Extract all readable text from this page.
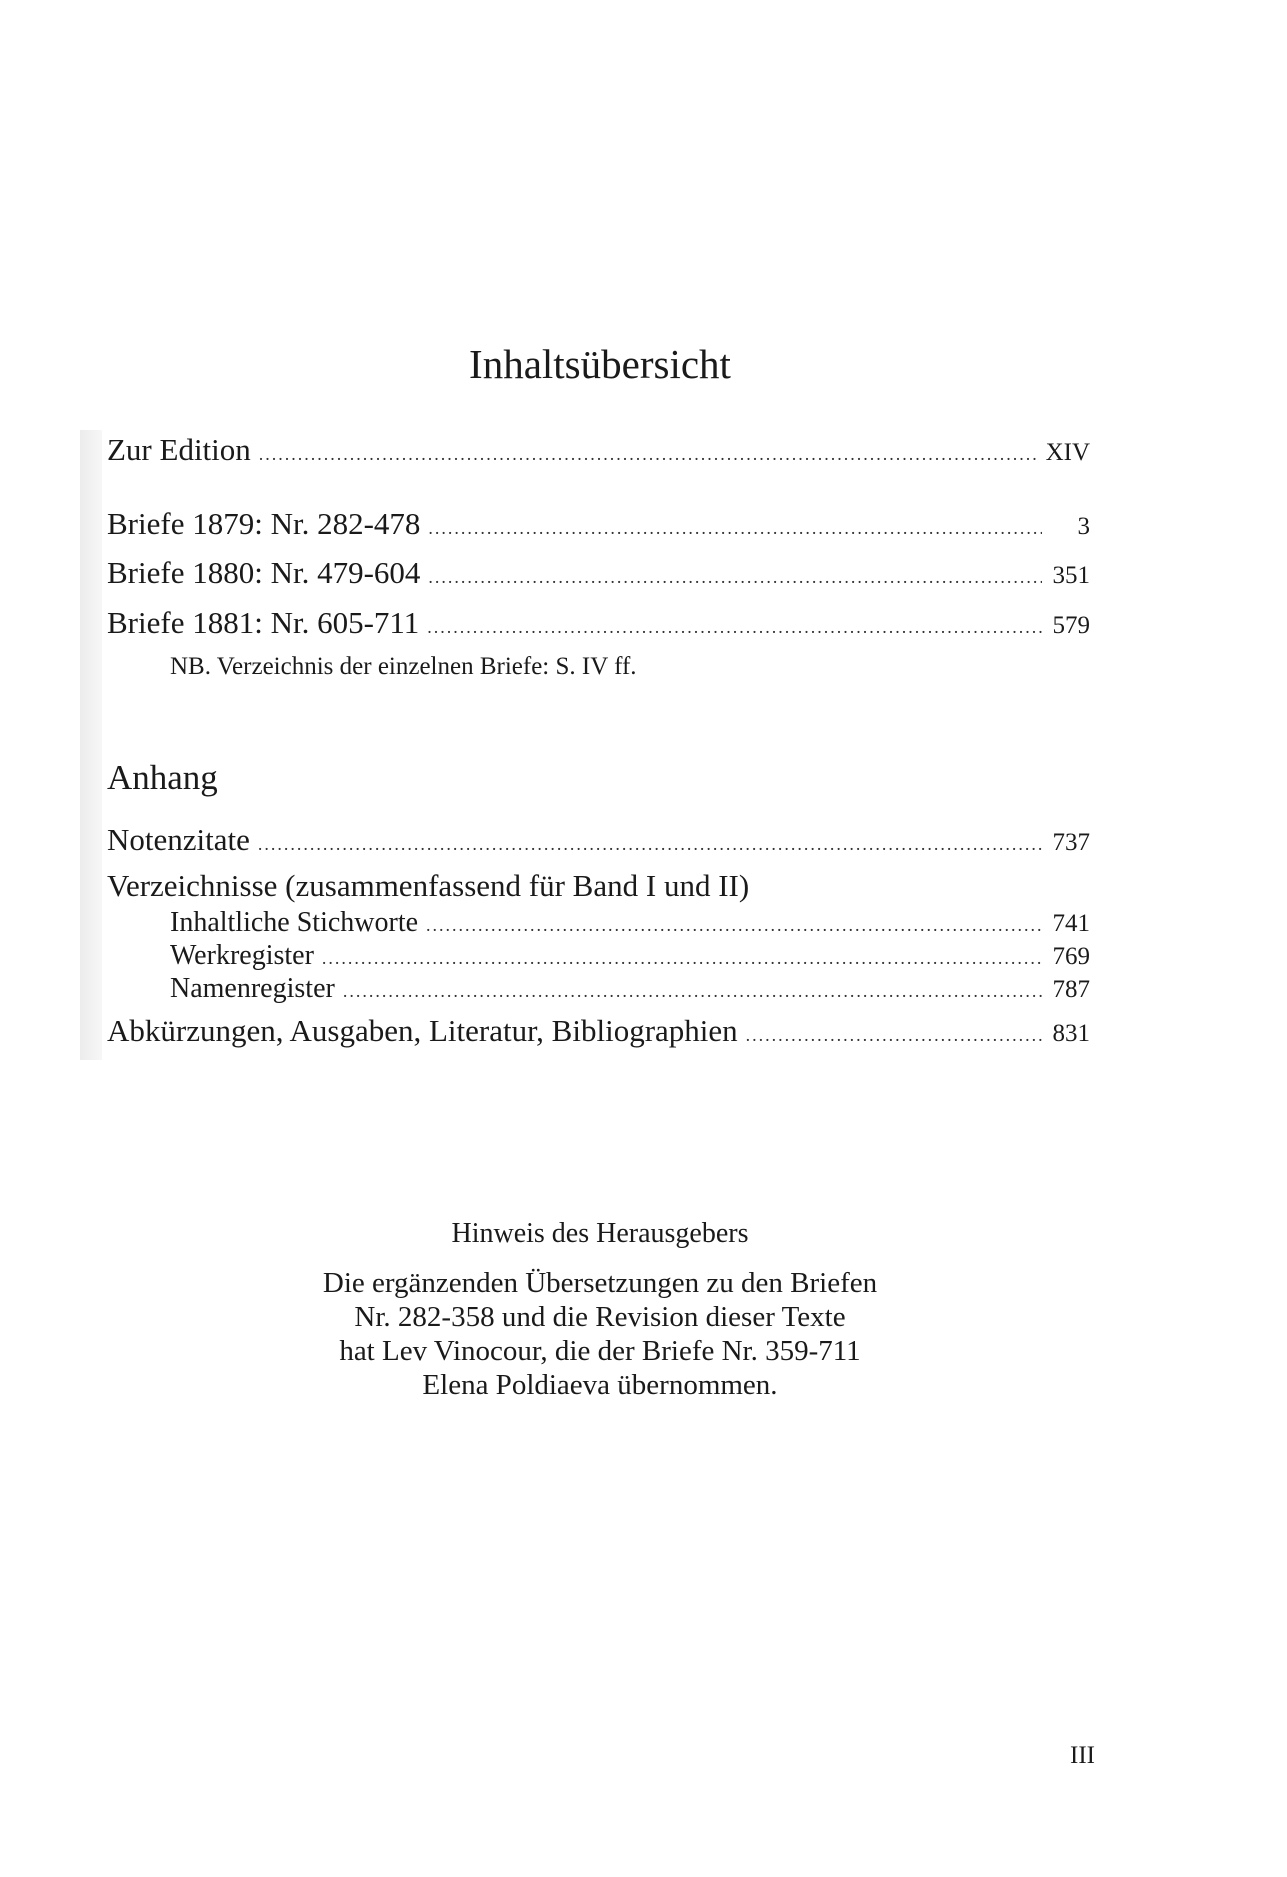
Inhaltsübersicht
Zur Edition .....	XIV
Briefe 1879: Nr. 282-478 .....	3
Briefe 1880: Nr. 479-604 .....	351
Briefe 1881: Nr. 605-711 .....	579
NB. Verzeichnis der einzelnen Briefe: S. IV ff.
Anhang
Notenzitate .....	737
Verzeichnisse (zusammenfassend für Band I und II)
Inhaltliche Stichworte .....	741
Werkregister .....	769
Namenregister .....	787
Abkürzungen, Ausgaben, Literatur, Bibliographien .....	831
Hinweis des Herausgebers
Die ergänzenden Übersetzungen zu den Briefen
Nr. 282-358 und die Revision dieser Texte
hat Lev Vinocour, die der Briefe Nr. 359-711
Elena Poldiaeva übernommen.
III
